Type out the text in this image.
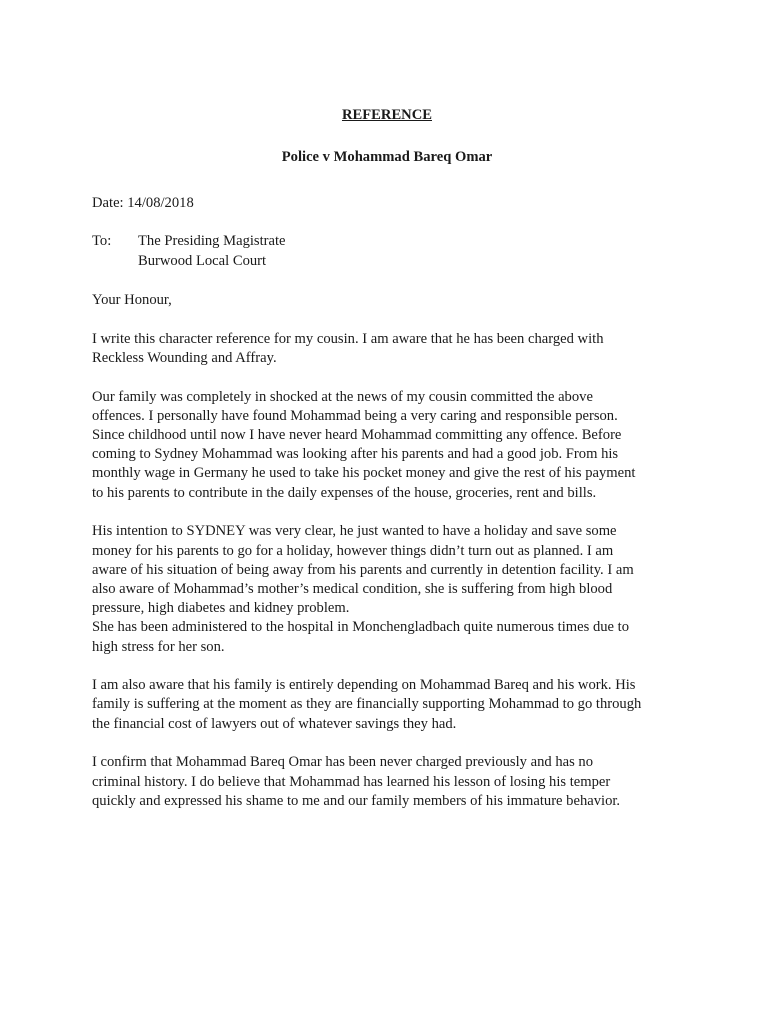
REFERENCE

Police v Mohammad Bareq Omar

Date: 14/08/2018

To:	The Presiding Magistrate
Burwood Local Court

Your Honour,

I write this character reference for my cousin. I am aware that he has been charged with
Reckless Wounding and Affray.

Our family was completely in shocked at the news of my cousin committed the above
offences. I personally have found Mohammad being a very caring and responsible person.
Since childhood until now I have never heard Mohammad committing any offence. Before
coming to Sydney Mohammad was looking after his parents and had a good job. From his
monthly wage in Germany he used to take his pocket money and give the rest of his payment
to his parents to contribute in the daily expenses of the house, groceries, rent and bills.

His intention to SYDNEY was very clear, he just wanted to have a holiday and save some
money for his parents to go for a holiday, however things didn’t turn out as planned. I am
aware of his situation of being away from his parents and currently in detention facility. I am
also aware of Mohammad’s mother’s medical condition, she is suffering from high blood
pressure, high diabetes and kidney problem.
She has been administered to the hospital in Monchengladbach quite numerous times due to
high stress for her son.

I am also aware that his family is entirely depending on Mohammad Bareq and his work. His
family is suffering at the moment as they are financially supporting Mohammad to go through
the financial cost of lawyers out of whatever savings they had.

I confirm that Mohammad Bareq Omar has been never charged previously and has no
criminal history. I do believe that Mohammad has learned his lesson of losing his temper
quickly and expressed his shame to me and our family members of his immature behavior.
